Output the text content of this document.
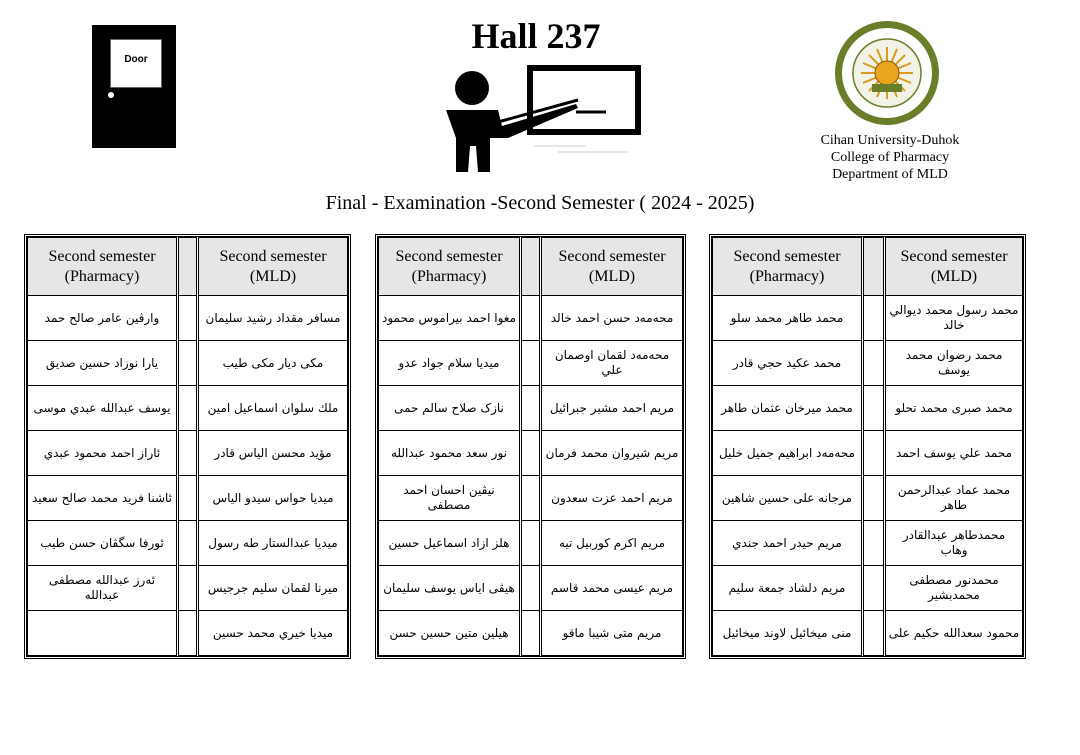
Door
Hall 237
Cihan University-Duhok
College of Pharmacy
Department of MLD
Final - Examination -Second Semester ( 2024 - 2025)
Second semester (Pharmacy)		Second semester (MLD)
وارڤین عامر صالح حمد		مسافر مقداد رشيد سليمان
يارا نوزاد حسين صديق		مکی دیار مکی طیب
يوسف عبدالله عبدي موسى		ملك سلوان اسماعيل امين
ئاراز احمد محمود عبدي		مؤيد محسن الياس قادر
ئاشنا فريد محمد صالح سعيد		ميديا حواس سيدو الياس
ئورفا سگڤان حسن طيب		ميديا عبدالستار طه رسول
ئەرز عبدالله مصطفى عبدالله		ميرنا لقمان سليم جرجيس
		ميديا خيري محمد حسين
Second semester (Pharmacy)		Second semester (MLD)
مغوا احمد بيراموس محمود		محەمەد حسن احمد خالد
ميديا سلام جواد عدو		محەمەد لقمان اوصمان علي
نازک صلاح سالم حمی		مريم احمد مشير جبرائيل
نور سعد محمود عبدالله		مريم شيروان محمد فرمان
نيڤين احسان احمد مصطفى		مريم احمد عزت سعدون
هلز ازاد اسماعيل حسين		مريم اكرم كوربيل تيه
هيڤى اياس يوسف سليمان		مريم عيسى محمد قاسم
هيلين متين حسين حسن		مريم متى شيبا ماقو
Second semester (Pharmacy)		Second semester (MLD)
محمد طاهر محمد سلو		محمد رسول محمد ديوالي خالد
محمد عكيد حجي قادر		محمد رضوان محمد يوسف
محمد ميرخان عثمان طاهر		محمد صبرى محمد تحلو
محەمەد ابراهيم جميل خليل		محمد علي يوسف احمد
مرجانه على حسين شاهين		محمد عماد عبدالرحمن طاهر
مريم حيدر احمد جندي		محمدطاهر عبدالقادر وهاب
مريم دلشاد جمعة سليم		محمدنور مصطفى محمدبشير
منى ميخائيل لاوند ميخائيل		محمود سعدالله حكيم على
